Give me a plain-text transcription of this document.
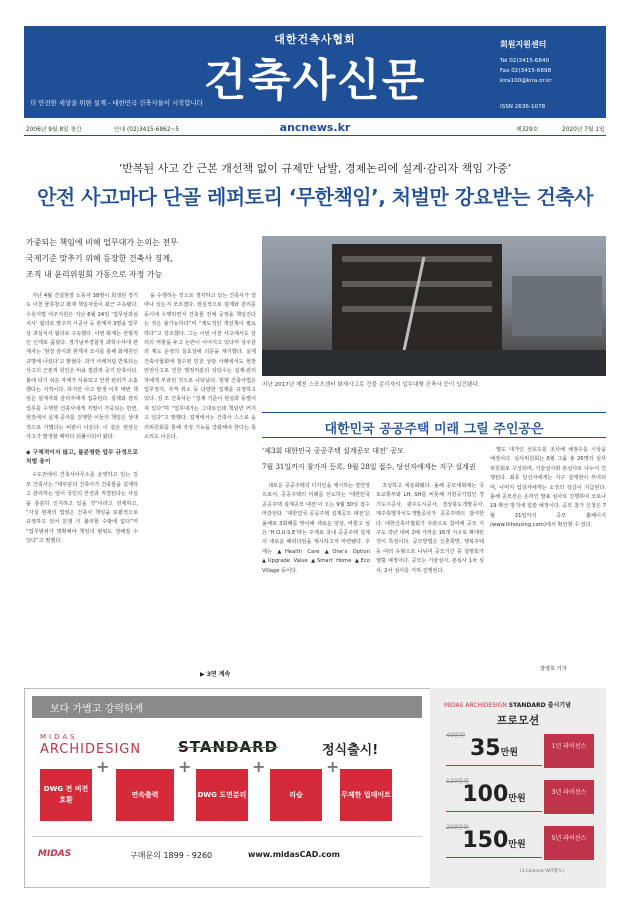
대한건축사협회
건축사신문
더 안전한 세상을 위한 설계 - 대한민국 건축사들이 시작합니다
회원지원센터
Tel 02)3415-6840
Fax 02)3415-6898
kira100@kira.or.kr
ISSN 2636-1078
2006년 9월 8일 창간	안내 (02)3415-6862~5	ancnews.kr	제329호	2020년 7월 1일
‘반복된 사고 간 근본 개선책 없이 규제만 남발, 경제논리에 설계·감리자 책임 가중’
안전 사고마다 단골 레퍼토리 ‘무한책임’, 처벌만 강요받는 건축사
가중되는 책임에 비해 업무대가 논의는 전무
국제기준 맞추기 위해 등장한 건축사 징계,
조직 내 윤리위원회 가동으로 자정 가능

지난 4월 건설현장 노동자 38명이 희생된 경기도 이천 물류창고 화재 책임자들이 최근 구속됐다. 수원지법 여주지원은 지난 6월 24일 ‘업무상과실치사’ 혐의로 발주처 시공사 등 관계자 3명을 업무상 과실치사 혐의로 구속했다. 이번 화재는 전형적인 인재로 꼽혔다. 경기남부경찰청 과학수사대 관계자는 ‘현장 감식과 관계자 조사를 통해 화재원인 규명에 나섰다’고 밝혔다. 과거 사례처럼 반복되는 사고의 근본적 원인은 비용 절감과 공기 단축이다. 불에 타기 쉬운 자재가 사용되고 안전 관리가 소홀했다는 지적이다. 하지만 사고 발생 이후 매번 책임은 설계자와 감리자에게 집중된다. 설계와 감리 업무를 수행한 건축사에게 처벌이 가중되는 반면, 현장에서 실제 공사를 진행한 이들의 책임은 상대적으로 가볍다는 비판이 나온다. 이 같은 현상은 사고가 발생할 때마다 되풀이되어 왔다.

◆ 구체적이지 않고, 불분명한 업무 규정으로 처벌 용이

수도권에서 건축사사무소를 운영하고 있는 김 모 건축사는 “대부분의 건축사가 건축물을 설계하고 감리하는 일이 국민의 안전과 직결된다는 사실을 충분히 인지하고 있을 것”이라고 전제하고, “사실 현재의 법령은 건축사 책임을 포괄적으로 규정하고 있어 분쟁 시 불리할 수밖에 없다”며 “업무범위가 명확해야 책임의 범위도 정해질 수 있다”고 말했다.

을 수행하는 것으로 생각하고 있는 건축사가 얼마나 있는지 모르겠다. 현실적으로 설계와 감리를 동시에 수행하면서 건축물 전체 공정을 책임진다는 것은 불가능하다”며 “제도적인 개선책이 필요하다”고 강조했다. 그는 이번 이천 사고에서도 감리의 역할을 두고 논란이 이어지고 있다며 상주감리 제도 운영의 실효성에 의문을 제기했다. 실제 건축사협회에 접수된 민원 상담 사례에서도 현장 안전사고로 인한 행정처분의 상당수는 설계·감리자에게 부과된 것으로 나타났다. 현행 건축사법은 업무정지, 자격 취소 등 다양한 징계를 규정하고 있다. 김 모 건축사는 “징계 기준이 현실과 동떨어져 있다”며 “업무대가는 그대로인데 책임만 커지고 있다”고 말했다. 업계에서는 건축사 스스로 윤리위원회를 통해 자정 기능을 강화해야 한다는 목소리도 나온다.

▶ 3면 계속
지난 2017년 제천 스포츠센터 화재사고로 건물 감리자의 업무대행 건축사 등이 입건됐다.
대한민국 공공주택 미래 그릴 주인공은
‘제3회 대한민국 공공주택 설계공모 대전’ 공모
7월 31일까지 참가자 등록, 9월 28일 접수, 당선자에게는 지구 설계권

새로운 공공주택의 디자인을 제시하는 경연장으로서, 공공주택의 미래를 선도하는 ‘대한민국 공공주택 설계공모 대전’이 오는 9월 30일 접수 마감된다. ‘대한민국 공공주택 설계공모 대전’은 올해로 3회째를 맞이해 새로운 일상, 머물고 싶은 ‘H.O.U.S.E’라는 주제로 국내 공공주택 설계의 새로운 패러다임을 제시하고자 마련됐다. 주제는 ▲Health Care ▲One’s Option ▲Upgrade Value ▲Smart Home ▲Eco Village 등이다.

조성하고 세분화됐다. 올해 공모대회에는 국토교통부와 LH, SH를 비롯해 지방공기업인 경기도시공사, 광주도시공사, 경상북도개발공사, 제주특별자치도개발공사가 공공주택의 참여한다. 대한건축사협회가 주관으로 참여해 공모 지구도 작년 대비 2배 가까운 16개 지구로 확대된 것이 특징이다. 공모방법은 신혼희망, 행복주택 등 여러 유형으로 나뉘며 공모기간 중 설명회가 열릴 예정이다. 공모는 기술심사, 본심사 1차 심사, 2차 심사를 거쳐 진행된다.

별도 대가인 선호도를 조사해 채점수를 시상을 예정이다. 심사위원회는 6월 그룹 총 26명의 심사위원회로 구성되며, 기술심사와 본심사로 나누어 진행된다. 최종 당선자에게는 지구 설계권이 부여되며, 나머지 입상자에게는 소정의 상금이 지급된다. 올해 공모전은 온라인 발표 심사로 진행하여 코로나19 확산 방지에 힘쓸 예정이다. 공모 참가 신청은 7월 31일까지 공모 홈페이지(www.lhhousing.com)에서 확인할 수 있다.

장영호 기자
보다 가볍고 강력하게
MIDAS
ARCHIDESIGN STANDARD	정식출시!
DWG 전 버전 호환
+
연속출력
+
DWG 도면분리
+
리습
+
무제한 업데이트
MIDAS	구매문의 1899 - 9260	www.midasCAD.com
MIDAS ARCHIDESIGN STANDARD 출시기념
프로모션
40만원
35만원
1년 라이선스
120만원
100만원
3년 라이선스
200만원
150만원
5년 라이선스
(1 Licence VAT별도)
